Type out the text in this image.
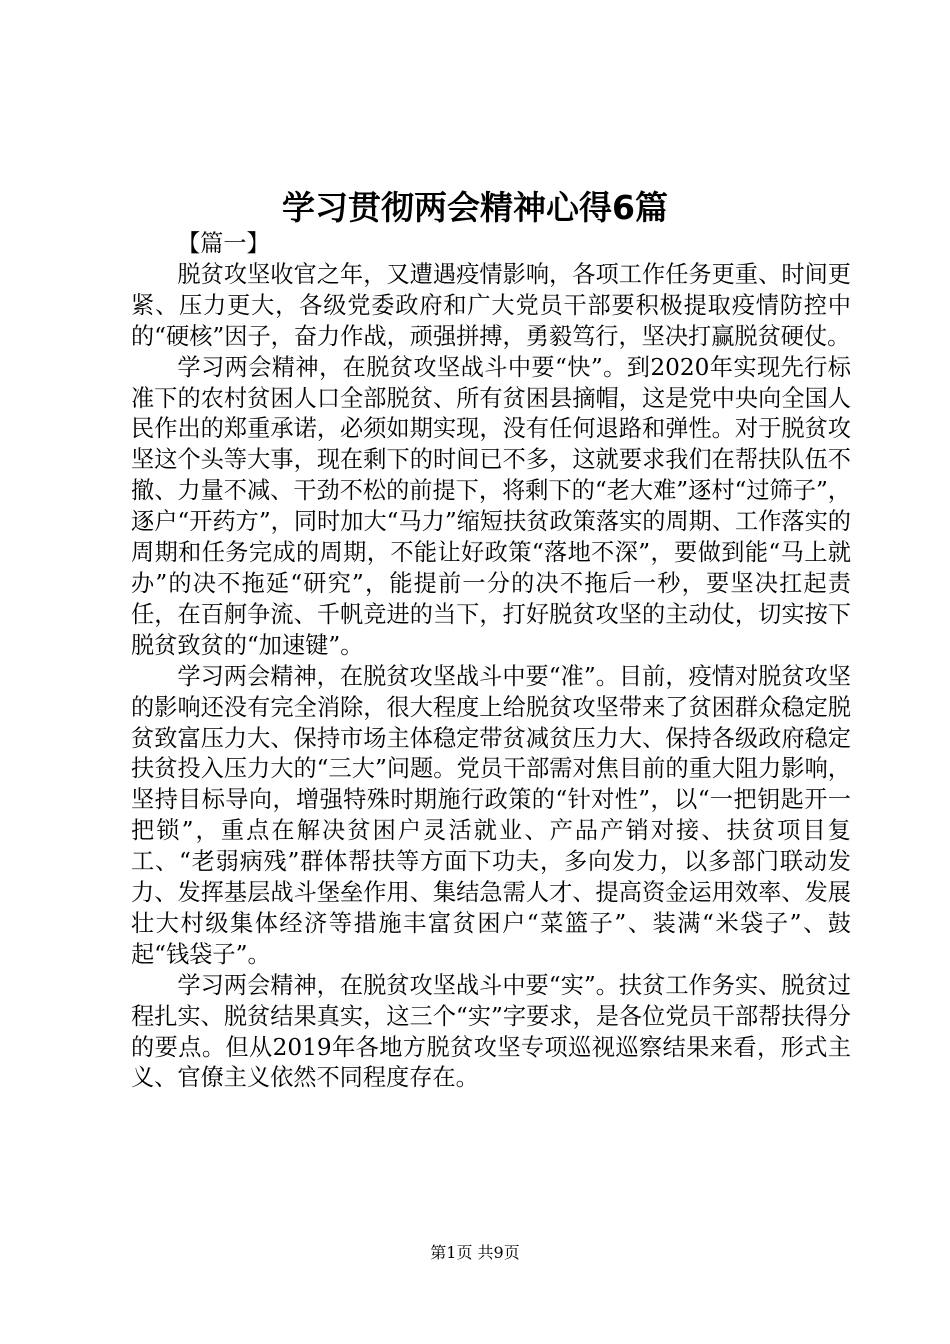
学习贯彻两会精神心得6篇

【篇一】

脱贫攻坚收官之年，又遭遇疫情影响，各项工作任务更重、时间更紧、压力更大，各级党委政府和广大党员干部要积极提取疫情防控中的“硬核”因子，奋力作战，顽强拼搏，勇毅笃行，坚决打赢脱贫硬仗。

学习两会精神，在脱贫攻坚战斗中要“快”。到2020年实现先行标准下的农村贫困人口全部脱贫、所有贫困县摘帽，这是党中央向全国人民作出的郑重承诺，必须如期实现，没有任何退路和弹性。对于脱贫攻坚这个头等大事，现在剩下的时间已不多，这就要求我们在帮扶队伍不撤、力量不减、干劲不松的前提下，将剩下的“老大难”逐村“过筛子”，逐户“开药方”，同时加大“马力”缩短扶贫政策落实的周期、工作落实的周期和任务完成的周期，不能让好政策“落地不深”，要做到能“马上就办”的决不拖延“研究”，能提前一分的决不拖后一秒，要坚决扛起责任，在百舸争流、千帆竞进的当下，打好脱贫攻坚的主动仗，切实按下脱贫致贫的“加速键”。

学习两会精神，在脱贫攻坚战斗中要“准”。目前，疫情对脱贫攻坚的影响还没有完全消除，很大程度上给脱贫攻坚带来了贫困群众稳定脱贫致富压力大、保持市场主体稳定带贫减贫压力大、保持各级政府稳定扶贫投入压力大的“三大”问题。党员干部需对焦目前的重大阻力影响，坚持目标导向，增强特殊时期施行政策的“针对性”，以“一把钥匙开一把锁”，重点在解决贫困户灵活就业、产品产销对接、扶贫项目复工、“老弱病残”群体帮扶等方面下功夫，多向发力，以多部门联动发力、发挥基层战斗堡垒作用、集结急需人才、提高资金运用效率、发展壮大村级集体经济等措施丰富贫困户“菜篮子”、装满“米袋子”、鼓起“钱袋子”。

学习两会精神，在脱贫攻坚战斗中要“实”。扶贫工作务实、脱贫过程扎实、脱贫结果真实，这三个“实”字要求，是各位党员干部帮扶得分的要点。但从2019年各地方脱贫攻坚专项巡视巡察结果来看，形式主义、官僚主义依然不同程度存在。

第1页 共9页
